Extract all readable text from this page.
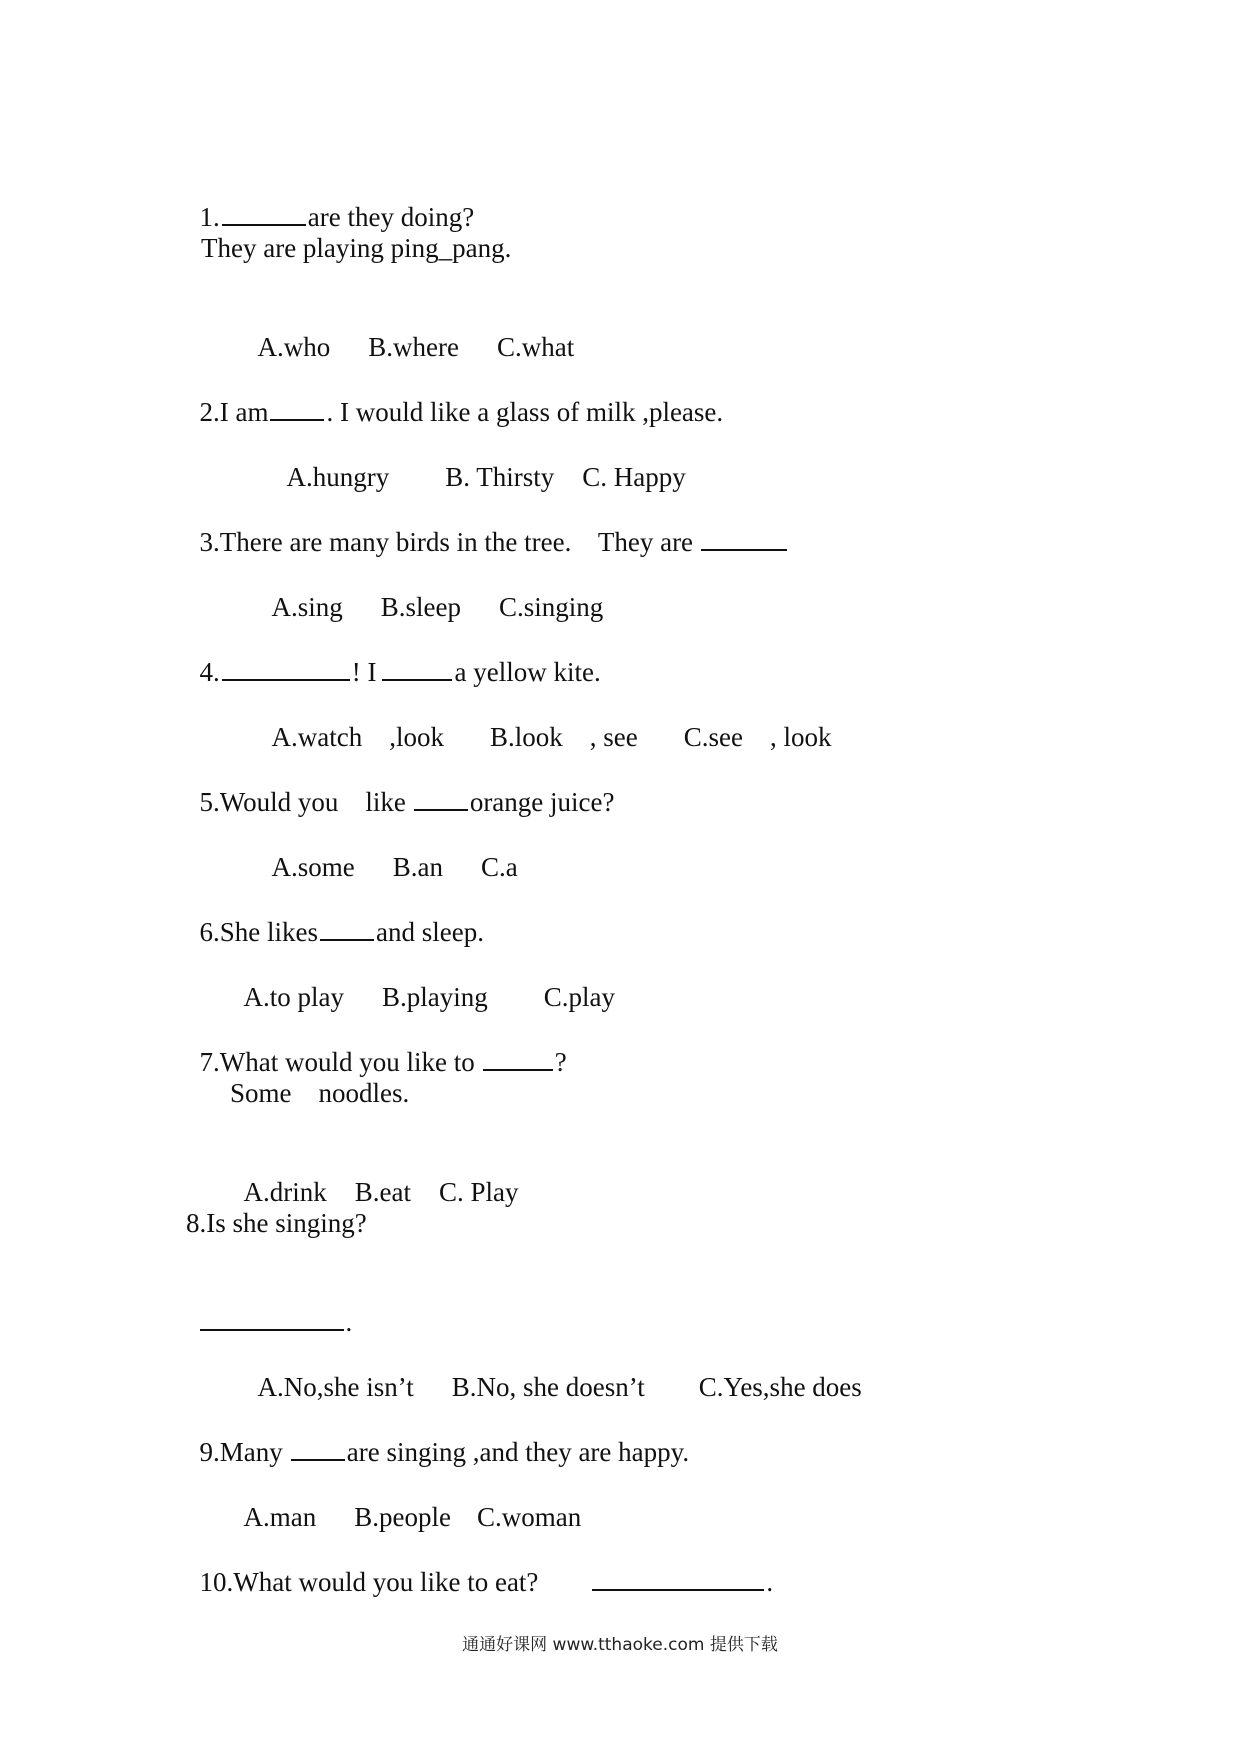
1.	are they doing?

They are playing ping_pang.

A.who B.where C.what

2.I am . I would like a glass of milk ,please.

A.hungry B. Thirsty C. Happy

3.There are many birds in the tree.    They are

A.sing B.sleep C.singing

4.	! I	a yellow kite.

A.watch    ,look B.look    , see C.see    , look

5.Would you    like orange juice?

A.some B.an C.a

6.She likes and sleep.

A.to play B.playing C.play

7.What would you like to	?

Some    noodles.

A.drink B.eat C. Play

8.Is she singing?

.

A.No,she isn’t B.No, she doesn’t C.Yes,she does

9.Many are singing ,and they are happy.

A.man B.people C.woman

10.What would you like to eat?	.

通通好课网 www.tthaoke.com 提供下载
